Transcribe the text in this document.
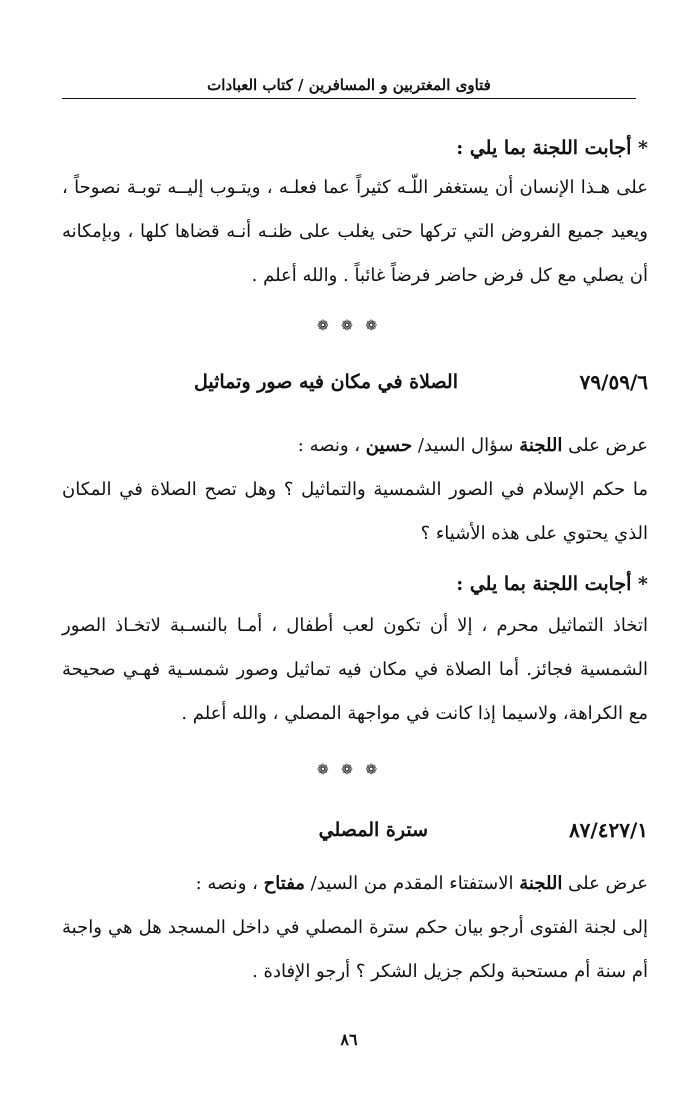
فتاوى المغتربين و المسافرين / كتاب العبادات
* أجابت اللجنة بما يلي :
على هـذا الإنسان أن يستغفر اللّـه كثيراً عما فعلـه ، ويتـوب إليــه توبـة نصوحاً ، ويعيد جميع الفروض التي تركها حتى يغلب على ظنـه أنـه قضاها كلها ، وبإمكانه أن يصلي مع كل فرض حاضر فرضاً غائباً . والله أعلم .
❁ ❁ ❁
٧٩/٥٩/٦
الصلاة في مكان فيه صور وتماثيل
عرض على اللجنة سؤال السيد/ حسين ، ونصه :
ما حكم الإسلام في الصور الشمسية والتماثيل ؟ وهل تصح الصلاة في المكان الذي يحتوي على هذه الأشياء ؟
* أجابت اللجنة بما يلي :
اتخاذ التماثيل محرم ، إلا أن تكون لعب أطفال ، أمـا بالنسـبة لاتخـاذ الصور الشمسية فجائز. أما الصلاة في مكان فيه تماثيل وصور شمسـية فهـي صحيحة مع الكراهة، ولاسيما إذا كانت في مواجهة المصلي ، والله أعلم .
❁ ❁ ❁
٨٧/٤٢٧/١
سترة المصلي
عرض على اللجنة الاستفتاء المقدم من السيد/ مفتاح ، ونصه :
إلى لجنة الفتوى أرجو بيان حكم سترة المصلي في داخل المسجد هل هي واجبة أم سنة أم مستحبة ولكم جزيل الشكر ؟ أرجو الإفادة .
٨٦
